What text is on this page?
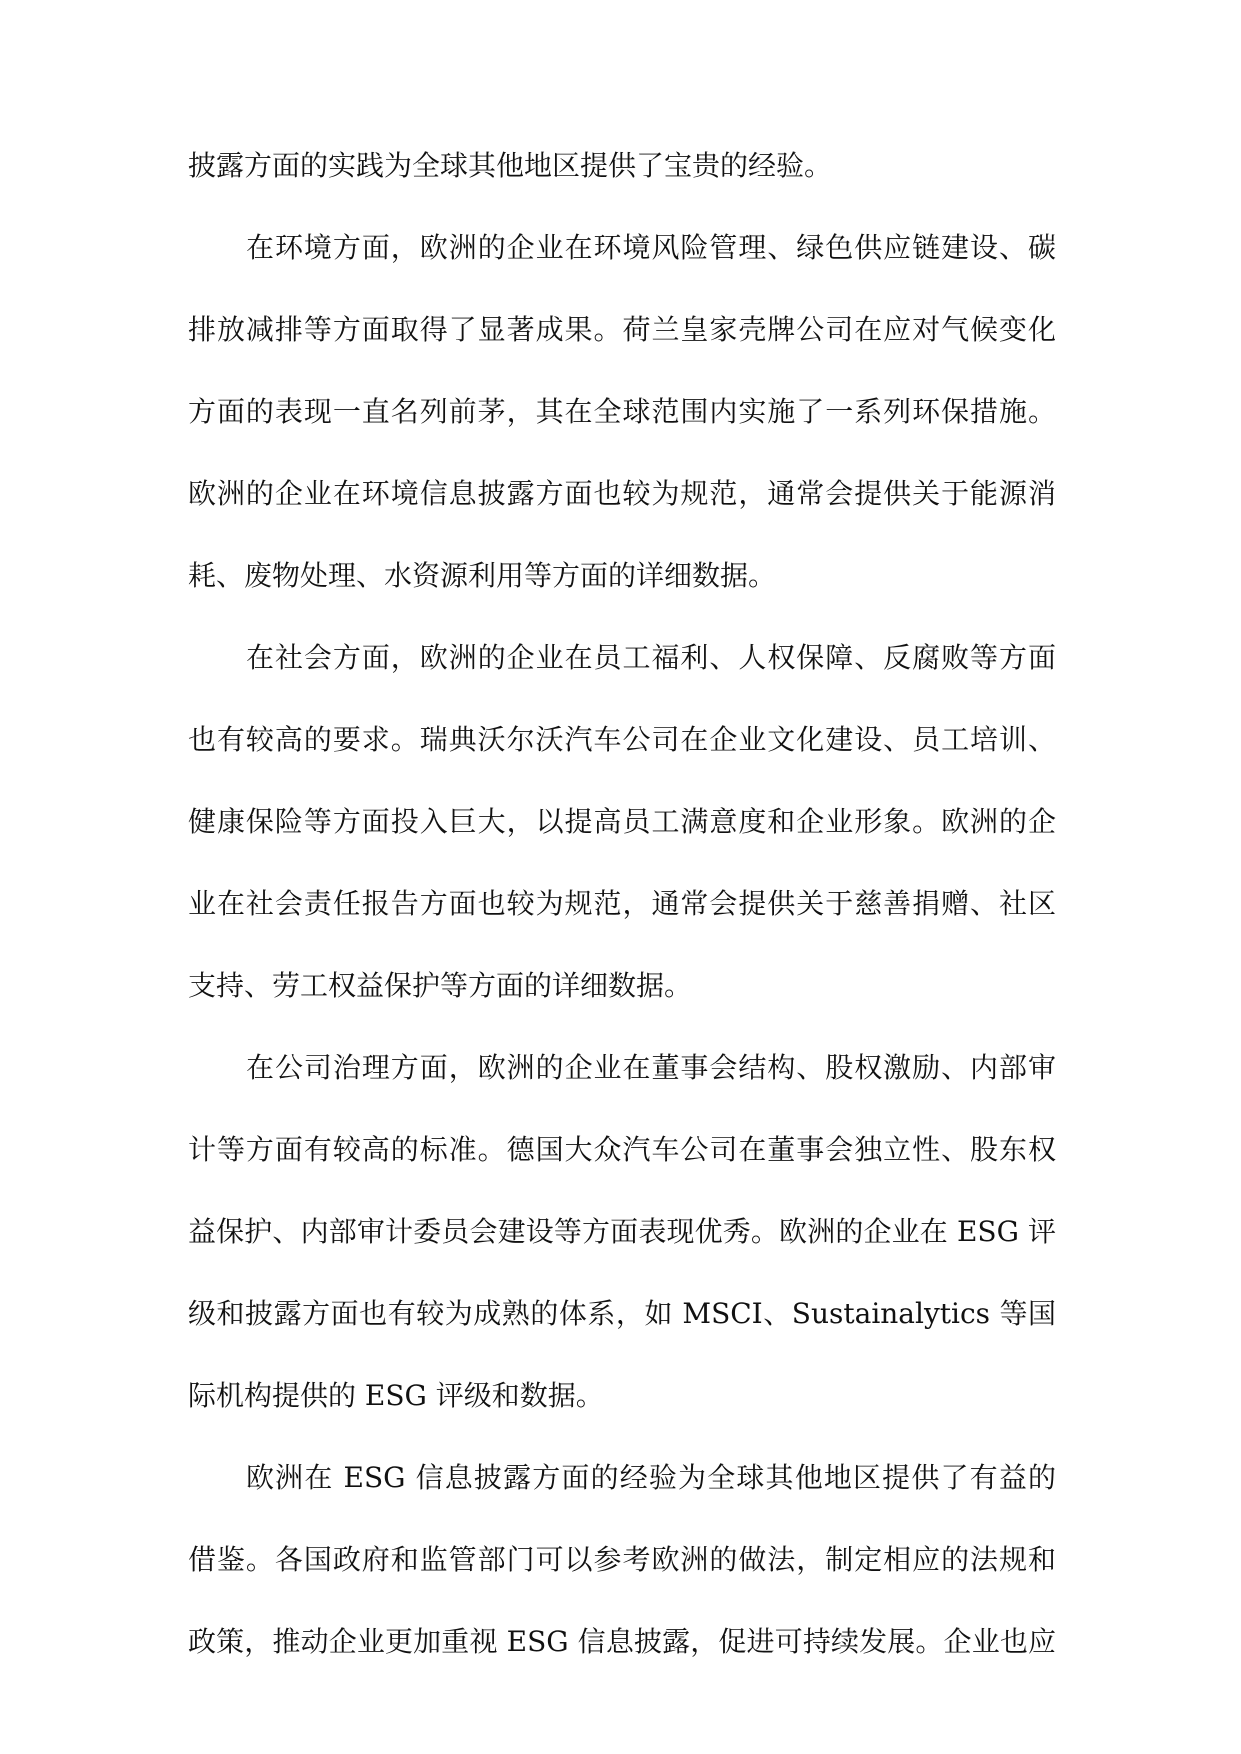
披露方面的实践为全球其他地区提供了宝贵的经验。
在环境方面，欧洲的企业在环境风险管理、绿色供应链建设、碳
排放减排等方面取得了显著成果。荷兰皇家壳牌公司在应对气候变化
方面的表现一直名列前茅，其在全球范围内实施了一系列环保措施。
欧洲的企业在环境信息披露方面也较为规范，通常会提供关于能源消
耗、废物处理、水资源利用等方面的详细数据。
在社会方面，欧洲的企业在员工福利、人权保障、反腐败等方面
也有较高的要求。瑞典沃尔沃汽车公司在企业文化建设、员工培训、
健康保险等方面投入巨大，以提高员工满意度和企业形象。欧洲的企
业在社会责任报告方面也较为规范，通常会提供关于慈善捐赠、社区
支持、劳工权益保护等方面的详细数据。
在公司治理方面，欧洲的企业在董事会结构、股权激励、内部审
计等方面有较高的标准。德国大众汽车公司在董事会独立性、股东权
益保护、内部审计委员会建设等方面表现优秀。欧洲的企业在 ESG 评
级和披露方面也有较为成熟的体系，如 MSCI、Sustainalytics 等国
际机构提供的 ESG 评级和数据。
欧洲在 ESG 信息披露方面的经验为全球其他地区提供了有益的
借鉴。各国政府和监管部门可以参考欧洲的做法，制定相应的法规和
政策，推动企业更加重视 ESG 信息披露，促进可持续发展。企业也应
